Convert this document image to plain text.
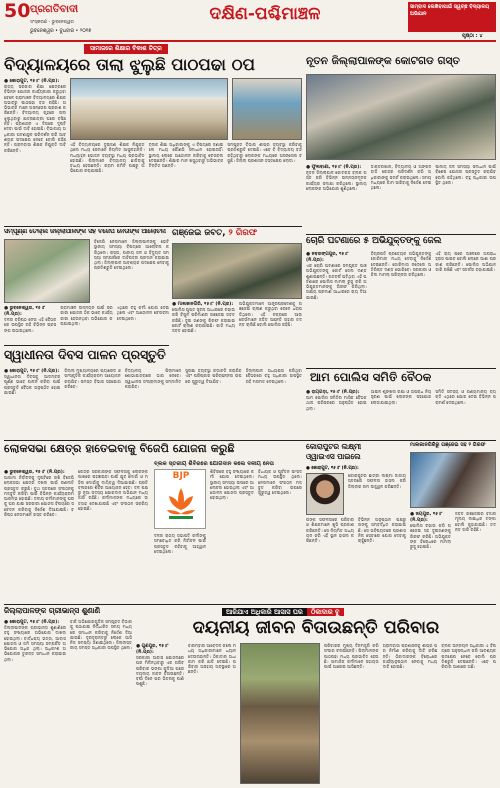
50 ପ୍ରଗତିବାଦୀ
ସଂସ୍କରଣ - ଭୁବନେଶ୍ୱର
ଭୁବନେଶ୍ୱର • ବୁଧବାର • ୨୦୧୭
ଦକ୍ଷିଣ-ପଶ୍ଚିମାଞ୍ଚଳ	ସାମ୍ବାଦ ଲେଖିବାପାଇଁ ସ୍ୱଚ୍ଛ ବିଦ୍ୟାଳୟ ଅଭିଯାନ
ପୃଷ୍ଠା : ୪
ସାମାଜରେ ଶିକ୍ଷାର ବିକାଶ ଚିତ୍ର
ବିଦ୍ୟାଳୟରେ ତାଲା ଝୁଲୁଛି ପାଠପଢା ଠପ
● କୋରାପୁଟ, ୧୫।୮ (ନି.ପ୍ର):
ରାଜ୍ୟ ସରକାର ଶିକ୍ଷା କ୍ଷେତ୍ରରେ ବିଭିନ୍ନ ଯୋଜନା କାର୍ଯ୍ୟକାରୀ କରୁଥିବା ବେଳେ ଗ୍ରାମାଞ୍ଚଳ ବିଦ୍ୟାଳୟରେ ଶିକ୍ଷକ ଅଭାବରୁ ପାଠପଢା ବନ୍ଦ ରହିଛି। ଅଭିଭାବକ ମାନେ ଅସନ୍ତୋଷ ପ୍ରକାଶ କରିଛନ୍ତି। ବିଦ୍ୟାଳୟ ଗୃହରେ ତାଲା ଝୁଲୁଥିବାରୁ ଛାତ୍ରଛାତ୍ରୀ ଘରେ ବସିଛନ୍ତି। ପ୍ରଶାସନ ଏ ଦିଗରେ ଦୃଷ୍ଟି ଦେବା ପାଇଁ ଦାବି ହୋଇଛି। ବିଭାଗୀୟ ଅଧିକାରୀ ଘଟଣାସ୍ଥଳ ପରିଦର୍ଶନ କରି ଆବଶ୍ୟକ ପଦକ୍ଷେପ ନେବେ ବୋଲି କହିଛନ୍ତି। ଗ୍ରାମବାସୀ ଶିକ୍ଷକ ନିଯୁକ୍ତି ଦାବି କରିଛନ୍ତି।
ଏହି ବିଦ୍ୟାଳୟରେ ଦୁଇଜଣ ଶିକ୍ଷକ ନିଯୁକ୍ତ ଥିଲେ ମଧ୍ୟ ସେମାନେ ନିୟମିତ ଆସୁନାହାନ୍ତି। ମଧ୍ୟାହ୍ନ ଭୋଜନ ବ୍ୟବସ୍ଥା ମଧ୍ୟ ପ୍ରଭାବିତ ହୋଇଛି। ପିଲାମାନେ ବିଦ୍ୟାଳୟ ଛାଡିବାକୁ ବାଧ୍ୟ ହେଉଛନ୍ତି। ଗ୍ରାମ କମିଟି ପକ୍ଷରୁ ଅଭିଯୋଗ କରାଯାଇଛି।
ବ୍ଲକ ଶିକ୍ଷା ଅଧିକାରୀଙ୍କୁ ଏ ବିଷୟରେ ଜଣାଇଲେ ମଧ୍ୟ କୌଣସି ସମାଧାନ ହୋଇନାହିଁ। ସ୍ଥାନୀୟ ଲୋକେ ଆନ୍ଦୋଳନ କରିବାକୁ ଚେତାବନୀ ଦେଇଛନ୍ତି। ଶିକ୍ଷାର ମାନ ଖସୁଥିବାରୁ ଅଭିଭାବକ ଚିନ୍ତିତ ଅଛନ୍ତି।
ସମ୍ପୃକ୍ତ ବିଭାଗ ଶୀଘ୍ର ବ୍ୟବସ୍ଥା କରିବାକୁ ପ୍ରତିଶ୍ରୁତି ଦେଇଛି। ଏବେ ବି ବିଦ୍ୟାଳୟ ବନ୍ଦ ରହିଥିବାରୁ ଲୋକଙ୍କ ମଧ୍ୟରେ ଅସନ୍ତୋଷ ବଢୁଛି। ଜିଲ୍ଲା ପ୍ରଶାସନ ହସ୍ତକ୍ଷେପ ଲୋଡା।
ନୂତନ ଜିଲ୍ଲାପାଳଙ୍କ କୋଟଗଡ ଗସ୍ତ
● ଫୁଲବାଣୀ, ୧୫।୮ (ନି.ପ୍ର):
ନୂତନ ଜିଲ୍ଲାପାଳ କୋଟଗଡ ବ୍ଲକ ଗସ୍ତ କରି ବିଭିନ୍ନ ଉନ୍ନୟନମୂଳକ କାର୍ଯ୍ୟର ସମୀକ୍ଷା କରିଥିଲେ। ସ୍ଥାନୀୟ ଲୋକଙ୍କ ଅଭିଯୋଗ ଶୁଣିଥିଲେ।
ଡାକ୍ତରଖାନା, ବିଦ୍ୟାଳୟ ଓ ଅଙ୍ଗନବାଡି କେନ୍ଦ୍ର ପରିଦର୍ଶନ କରି ଅଧିକାରୀଙ୍କୁ ସତର୍କ କରାଇଥିଲେ। ସମୟ ମଧ୍ୟରେ କାମ ସାରିବାକୁ ନିର୍ଦ୍ଦେଶ ଦେଇଥିଲେ।
ପାନୀୟ ଜଳ ସମସ୍ୟା ସମାଧାନ ପାଇଁ ବିଶେଷ ଯୋଜନା ପ୍ରସ୍ତୁତ କରାଯିବ ବୋଲି କହିଥିଲେ। ବହୁ ଅଧିକାରୀ ଉପସ୍ଥିତ ଥିଲେ।
ସମ୍ପୂର୍ଣ୍ଣ ତେଲ୍ଲି ଜିଲ୍ଲାପାଳଙ୍କ ସହ ବିଜେପି ନେତାଙ୍କ ଆଲୋଚନା
ବିଜେପି ନେତାମାନେ ଜିଲ୍ଲାପାଳଙ୍କୁ ଭେଟି ସ୍ଥାନୀୟ ସମସ୍ୟା ବିଷୟରେ ଆଲୋଚନା କରିଥିଲେ। ରାସ୍ତା, ପାନୀୟ ଜଳ ଓ ବିଦ୍ୟୁତ ସମସ୍ୟା ସମ୍ପର୍କରେ ଦାବିପତ୍ର ପ୍ରଦାନ କରାଯାଇଥିଲା। ଜିଲ୍ଲାପାଳ ଆବଶ୍ୟକ ପଦକ୍ଷେପ ନେବାକୁ ପ୍ରତିଶ୍ରୁତି ଦେଇଥିଲେ।
● ଭୁବନେଶ୍ୱର, ୧୫।୮ (ନି.ପ୍ର):
ଦଳର ବରିଷ୍ଠ ନେତା ଏହି ବୈଠକରେ ଉପସ୍ଥିତ ରହି ବିଭିନ୍ନ ପ୍ରସଙ୍ଗ ଉଠାଇଥିଲେ।
ଗ୍ରାମାଞ୍ଚଳ ଉନ୍ନୟନ ପାଇଁ ସରକାରୀ ଯୋଜନା ଠିକ ଭାବେ କାର୍ଯ୍ୟକାରୀ ହେଉନଥିବା ଅଭିଯୋଗ କରାଯାଇଥିଲା।
ଏଥିରେ ବହୁ କର୍ମୀ ଯୋଗ ଦେଇଥିଲେ ଏବଂ ଆନ୍ଦୋଳନ ଚେତାବନୀ ଦେଇଥିଲେ।
ଗଞ୍ଜେଇ ଜବତ, ୨ ଗିରଫ
● ମାଲକାନଗିରି, ୧୫।୮ (ନି.ପ୍ର):
ପୋଲିସ ଗୁପ୍ତ ସୂଚନା ଆଧାରରେ ଚଢାଉ କରି ବିପୁଳ ପରିମାଣର ଗଞ୍ଜେଇ ଜବତ କରିଛି। ଦୁଇ ଜଣଙ୍କୁ ଗିରଫ କରାଯାଇ କୋର୍ଟ ଚାଲାଣ କରାଯାଇଛି। ଗାଡି ମଧ୍ୟ ଜବତ ହୋଇଛି।
ଅଭିଯୁକ୍ତମାନେ ଆନ୍ଧ୍ରପ୍ରଦେଶକୁ ଗଞ୍ଜେଇ ଚାଲାଣ କରୁଥିବା ବେଳେ ଧରାପଡିଥିଲେ। ଏହି ଚକ୍ରରେ ଆଉ କେଉଁମାନେ ଜଡିତ ଅଛନ୍ତି ତାହାର ତଦନ୍ତ ଚାଲିଛି ବୋଲି ପୋଲିସ କହିଛି।
ଚୋରି ଘଟଣାରେ ୫ ଅଭିଯୁକ୍ତଙ୍କୁ ଜେଲ
● ନବରଙ୍ଗପୁର, ୧୫।୮ (ନି.ପ୍ର):
ଏକ ଚୋରି ଘଟଣାରେ ସମ୍ପୃକ୍ତ ପାଞ୍ଚ ଅଭିଯୁକ୍ତଙ୍କୁ କୋର୍ଟ ଜେଲ ଦଣ୍ଡ ଶୁଣାଇଛନ୍ତି। ଗତବର୍ଷ ଘଟିଥିବା ଏହି ଘଟଣାରେ ପୋଲିସ ମାମଲା ରୁଜୁ କରି ଅଭିଯୁକ୍ତମାନଙ୍କୁ ଗିରଫ କରିଥିଲା। ସାକ୍ଷ୍ୟ ପ୍ରମାଣ ଆଧାରରେ ରାୟ ଦିଆଯାଇଛି।
ବିଚାରପତି ପ୍ରତ୍ୟେକ ଅଭିଯୁକ୍ତଙ୍କୁ ଜୋରିମାନା ମଧ୍ୟ ଦେବାକୁ ନିର୍ଦ୍ଦେଶ ଦେଇଛନ୍ତି। ଜୋରିମାନା ନଦେଲେ ଅତିରିକ୍ତ ଦଣ୍ଡ ଭୋଗିବେ। ସରକାରୀ ଓକିଲ ମାମଲା ପରିଚାଳନା କରିଥିଲେ।
ଏହି ରାୟ ପରେ ଅଞ୍ଚଳରେ ଅପରାଧ ହ୍ରାସ ପାଇବ ବୋଲି ଲୋକେ ଆଶା ପ୍ରକାଶ କରିଛନ୍ତି। ପୋଲିସ ଅଭିଯାନ ଜାରି ରଖିଛି ଏବଂ ସତର୍କତା ବଢାଯାଇଛି।
ସ୍ୱାଧୀନତା ଦିବସ ପାଳନ ପ୍ରସ୍ତୁତି
● କୋରାପୁଟ, ୧୫।୮ (ନି.ପ୍ର):
ସ୍ୱାଧୀନତା ଦିବସକୁ ଆଡମ୍ବରପୂର୍ଣ୍ଣ ଭାବେ ପାଳନ କରିବା ପାଇଁ ପ୍ରସ୍ତୁତି ବୈଠକ ଅନୁଷ୍ଠିତ ହୋଇଯାଇଛି।
ଜିଲ୍ଲା ମୁଖ୍ୟାଳୟରେ ପ୍ୟାରେଡ ଓ ସାଂସ୍କୃତିକ କାର୍ଯ୍ୟକ୍ରମ ଆୟୋଜନ କରାଯିବ। ସମସ୍ତ ବିଭାଗ ସହଯୋଗ କରିବେ।
ବିଦ୍ୟାଳୟ ପିଲାମାନେ ଶୋଭାଯାତ୍ରାରେ ଭାଗ ନେବେ। ସ୍ୱାଧୀନତା ସଂଗ୍ରାମୀଙ୍କୁ ସମ୍ମାନିତ କରାଯିବ।
ସୁରକ୍ଷା ବ୍ୟବସ୍ଥା କଡାକଡି କରାଯିବ ଏବଂ ପରିଷ୍କାର ପରିଚ୍ଛନ୍ନତା ଉପରେ ଗୁରୁତ୍ୱ ଦିଆଯିବ।
ଜିଲ୍ଲାପାଳ ଅଧ୍ୟକ୍ଷତା କରିଥିବା ବୈଠକରେ ବହୁ ଅଧିକାରୀ ଉପସ୍ଥିତ ରହି ମତାମତ ଦେଇଥିଲେ।	ଆମ ପୋଲିସ ସମିତି ବୈଠକ
● ରାୟଗଡ଼ା, ୧୫।୮ (ନି.ପ୍ର):
ଆମ ପୋଲିସ ସମିତିର ମାସିକ ବୈଠକ ଥାନା ପରିସରରେ ଅନୁଷ୍ଠିତ ହୋଇଥିଲା।
ଆଇନ ଶୃଙ୍ଖଳା ରକ୍ଷା ଓ ଅପରାଧ ନିୟନ୍ତ୍ରଣ ପାଇଁ ଲୋକଙ୍କ ସହଯୋଗ ଲୋଡାଯାଇଥିଲା।
ସମିତି ସଦସ୍ୟ ଓ ଗଣ୍ୟମାନ୍ୟ ବ୍ୟକ୍ତି ଏଥିରେ ଯୋଗ ଦେଇ ବିଭିନ୍ନ ପରାମର୍ଶ ଦେଇଥିଲେ।
ଲୋକସଭା କ୍ଷେତ୍ର ହାତେଇବାକୁ ବିଜେପି ଯୋଜନା କରୁଛି
ବ୍ଲକ ସ୍ତରୀୟ ଶିବିରରେ ଯୋଗଦାନ କଲେ ଦଳୀୟ ନେତା
● ଭୁବନେଶ୍ୱର, ୧୫।୮ (ନି.ପ୍ର):
ଆଗାମୀ ନିର୍ବାଚନକୁ ଦୃଷ୍ଟିରେ ରଖି ବିଜେପି ଲୋକସଭା କ୍ଷେତ୍ର ଦଖଲ ପାଇଁ ରଣନୀତି ପ୍ରସ୍ତୁତ କରୁଛି। ବୁଥ ସ୍ତରରେ ସଂଗଠନକୁ ମଜବୁତ କରିବା ପାଇଁ ବିଭିନ୍ନ କାର୍ଯ୍ୟକ୍ରମ ଆରମ୍ଭ ହୋଇଛି। ଦଳୀୟ କର୍ମୀମାନଙ୍କୁ ଘରକୁ ଘର ଯାଇ ସରକାରୀ ଯୋଜନା ବିଷୟରେ ସଚେତନ କରିବାକୁ ନିର୍ଦ୍ଦେଶ ଦିଆଯାଇଛି। ବରିଷ୍ଠ ନେତାମାନେ ଗସ୍ତ କରିବେ।
କେନ୍ଦ୍ର ସରକାରଙ୍କ ସଫଳତାକୁ ଲୋକଙ୍କ ପାଖରେ ପହଞ୍ଚାଇବା ପାଇଁ ଯୁବ ମୋର୍ଚ୍ଚା ଓ ମହିଳା ମୋର୍ଚ୍ଚାକୁ ଦାୟିତ୍ୱ ଦିଆଯାଇଛି। ପ୍ରତି ବ୍ଲକରେ ଶିବିର ଆୟୋଜନ ହେବ। ଦଳ ପକ୍ଷରୁ ନୂଆ ସଦସ୍ୟ ଯୋଗଦାନ ଅଭିଯାନ ମଧ୍ୟ ଜାରି ରହିଛି। କର୍ମୀମାନଙ୍କ ମଧ୍ୟରେ ଉତ୍ସାହ ଦେଖାଯାଉଛି ଏବଂ ସଂଗଠନ ସକ୍ରିୟ ହୋଇଛି।
BJP
ଦଳର ରାଜ୍ୟ ସଭାପତି କର୍ମୀଙ୍କୁ ସମ୍ବୋଧିତ କରି ନିର୍ବାଚନ ପାଇଁ ପ୍ରସ୍ତୁତ ରହିବାକୁ ଆହ୍ୱାନ ଦେଇଥିଲେ।
ଶିବିରରେ ବହୁ ସଂଖ୍ୟାରେ କର୍ମୀ ଯୋଗ ଦେଇଥିଲେ। ସ୍ଥାନୀୟ ସମସ୍ୟା ଉପରେ ଆଲୋଚନା ହୋଇଥିଲା ଏବଂ ଆନ୍ଦୋଳନ ଯୋଜନା ପ୍ରସ୍ତୁତ ହୋଇଥିଲା।
ବିଧାୟକ ଓ ପୂର୍ବତନ ସାଂସଦ ମଧ୍ୟ ଉପସ୍ଥିତ ଥିଲେ। ନେତାମାନେ ସଂଗଠନ ମଜବୁତ କରିବା ଉପରେ ଗୁରୁତ୍ୱ ଦେଇଥିଲେ।
କୋରାପୁଟର ଲକ୍ଷ୍ମୀ
ଓ୍ୱାଇଏସ ପାଇଲେ
● କୋରାପୁଟ, ୧୫।୮ (ନି.ପ୍ର):
କୋରାପୁଟର ଛାତ୍ରୀ ଲକ୍ଷ୍ମୀ ଜାତୀୟ ସ୍ତରରେ ସଫଳତା ହାସଲ କରି ଜିଲ୍ଲାର ନାମ ଉଜ୍ଜ୍ୱଳ କରିଛନ୍ତି।
ତାଙ୍କ ସଫଳତାରେ ପରିବାର ଓ ଶିକ୍ଷକମାନେ ଖୁସି ପ୍ରକାଶ କରିଛନ୍ତି। ସେ ନିୟମିତ ଅଧ୍ୟୟନ କରି ଏହି ସ୍ଥାନ ହାସଲ କରିଛନ୍ତି।
ବିଭିନ୍ନ ଅନୁଷ୍ଠାନ ପକ୍ଷରୁ ତାଙ୍କୁ ସମ୍ବର୍ଦ୍ଧିତ କରାଯାଇଛି। ସେ ଭବିଷ୍ୟତରେ ପ୍ରଶାସନିକ ସେବାରେ ଯୋଗ ଦେବାକୁ ଚାହୁଁଛନ୍ତି।
ମାଲକାନଗିରିରୁ ଗଞ୍ଜେଇ ସହ ୨ ଗିରଫ
● ଜୟପୁର, ୧୫।୮ (ନି.ପ୍ର):
ପୋଲିସ ଚଢାଉ କରି ଗଞ୍ଜେଇ ସହ ଦୁଇଜଣଙ୍କୁ ଗିରଫ କରିଛି। ଅଭିଯୁକ୍ତଙ୍କ ବିରୋଧରେ ମାମଲା ରୁଜୁ ହୋଇଛି।
ଜବତ ଗଞ୍ଜେଇର ବଜାର ମୂଲ୍ୟ ଲକ୍ଷାଧିକ ଟଙ୍କା ବୋଲି କୁହାଯାଉଛି। ତଦନ୍ତ ଜାରି ରହିଛି।
ଜିଲ୍ଲାପାଳଙ୍କ ଗ୍ରୀଭାନ୍ସ ଶୁଣାଣି
● କୋରାପୁଟ, ୧୫।୮ (ନି.ପ୍ର):
ଜିଲ୍ଲାପାଳଙ୍କ ଗ୍ରୀଭାନ୍ସ ଶୁଣାଣିରେ ବହୁ ସଂଖ୍ୟାରେ ଅଭିଯୋଗ ଦାଖଲ ହୋଇଥିଲା। ବାର୍ଦ୍ଧକ୍ୟ ଭତ୍ତା, ଆବାସ ଯୋଜନା ଓ ଜମି ସମସ୍ୟା ସମ୍ପର୍କିତ ଅଭିଯୋଗ ଅଧିକ ଥିଲା। ଅଧିକାଂଶ ଅଭିଯୋଗର ତୁରନ୍ତ ସମାଧାନ କରାଯାଇଥିଲା।
ବାକି ଅଭିଯୋଗଗୁଡିକ ସମ୍ପୃକ୍ତ ବିଭାଗକୁ ପଠାଯାଇ ନିର୍ଦ୍ଧାରିତ ସମୟ ମଧ୍ୟରେ ସମାଧାନ କରିବାକୁ ନିର୍ଦ୍ଦେଶ ଦିଆଯାଇଛି। ଦୂରଦୂରାନ୍ତରୁ ଲୋକେ ଆସି ନିଜ ସମସ୍ୟା ଜଣାଇଥିଲେ। ଜିଲ୍ଲାସ୍ତରୀୟ ସମସ୍ତ ଅଧିକାରୀ ଉପସ୍ଥିତ ଥିଲେ।
ଆଜିଯାଏ ଅଧିକାରି ଆସାସ ଘର ଠିକାଦାର ବୁ
ଦୟନୀୟ ଜୀବନ ବିତାଉଛନ୍ତି ପରିବାର
● ଗୁଣପୁର, ୧୫।୮ (ନି.ପ୍ର):
ସରକାରୀ ଆବାସ ଯୋଜନାରେ ଘର ମିଳିନଥିବାରୁ ଏକ ଗରିବ ପରିବାର ଭଙ୍ଗା କୁଡିଆ ଘରେ ଦୟନୀୟ ଜୀବନ ବିତାଉଛନ୍ତି। ବର୍ଷା ଦିନେ ଘର ଭିତରକୁ ପାଣି ପଶୁଛି।
ବାରମ୍ବାର ଆବେଦନ କଲେ ମଧ୍ୟ ଅଧିକାରୀମାନେ ଧ୍ୟାନ ଦେଉନାହାନ୍ତି। ଠିକାଦାର ଅଧା କାମ କରି ଛାଡି ଦେଇଛି। ପରିବାର ଅସହାୟ ଅବସ୍ଥାରେ ଅଛନ୍ତି।
ପରିବାରର ମୁଖ୍ୟ ଦିନମଜୁରି କରି ସଂସାର ଚଳାଉଛନ୍ତି। ପିଲାମାନଙ୍କ ପାଠପଢା ମଧ୍ୟ ପ୍ରଭାବିତ ହେଉଛି। ସାମାଜିକ କର୍ମୀମାନେ ସହାୟତା ପାଇଁ ଆଗେଇ ଆସିଛନ୍ତି।
ଗ୍ରାମବାସୀ ପ୍ରଶାସନକୁ ଶୀଘ୍ର ଘର ନିର୍ମାଣ କରିବାକୁ ଦାବି କରିଛନ୍ତି। ଠିକାଦାରଙ୍କ ବିରୋଧରେ କାର୍ଯ୍ୟାନୁଷ୍ଠାନ ନେବାକୁ ମଧ୍ୟ ଦାବି ହୋଇଛି।
ବ୍ଲକ ଉନ୍ନୟନ ଅଧିକାରୀ ଏ ବିଷୟରେ ଅନୁସନ୍ଧାନ କରି ଆବଶ୍ୟକ ପଦକ୍ଷେପ ନେବେ ବୋଲି ପ୍ରତିଶ୍ରୁତି ଦେଇଛନ୍ତି। ଏବେ ପରିବାର ଆଶାରେ ଅଛି।
